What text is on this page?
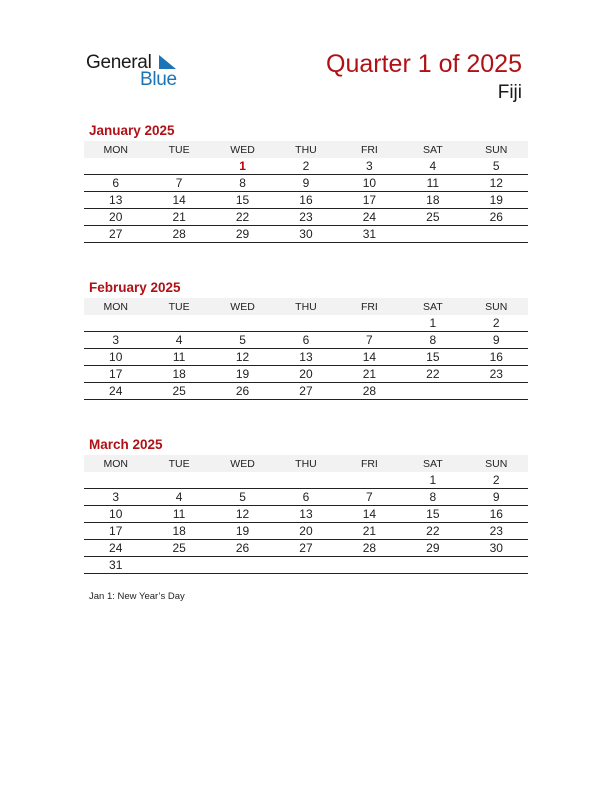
General
Blue
Quarter 1 of 2025
Fiji
January 2025
MON	TUE	WED	THU	FRI	SAT	SUN
		1	2	3	4	5
6	7	8	9	10	11	12
13	14	15	16	17	18	19
20	21	22	23	24	25	26
27	28	29	30	31		
February 2025
MON	TUE	WED	THU	FRI	SAT	SUN
					1	2
3	4	5	6	7	8	9
10	11	12	13	14	15	16
17	18	19	20	21	22	23
24	25	26	27	28		
March 2025
MON	TUE	WED	THU	FRI	SAT	SUN
					1	2
3	4	5	6	7	8	9
10	11	12	13	14	15	16
17	18	19	20	21	22	23
24	25	26	27	28	29	30
31						
Jan 1: New Year’s Day
